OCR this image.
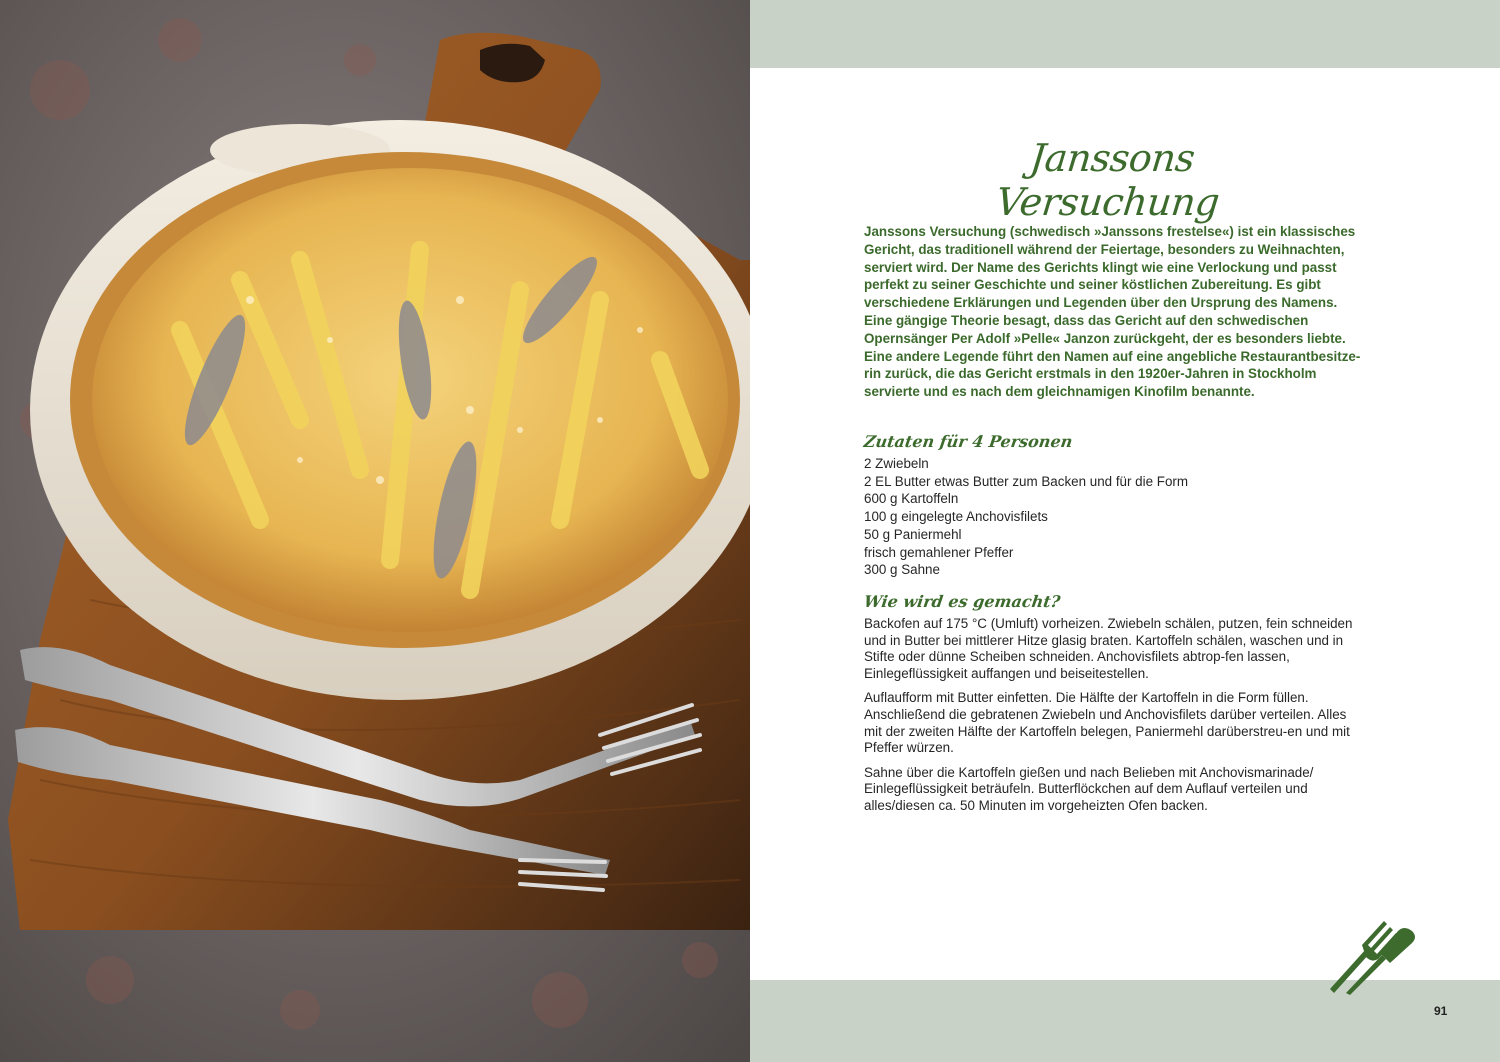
Janssons Versuchung

Janssons Versuchung (schwedisch »Janssons frestelse«) ist ein klassisches Gericht, das traditionell während der Feiertage, besonders zu Weihnachten, serviert wird. Der Name des Gerichts klingt wie eine Verlockung und passt perfekt zu seiner Geschichte und seiner köstlichen Zubereitung. Es gibt verschiedene Erklärungen und Legenden über den Ursprung des Namens. Eine gängige Theorie besagt, dass das Gericht auf den schwedischen Opernsänger Per Adolf »Pelle« Janzon zurückgeht, der es besonders liebte. Eine andere Legende führt den Namen auf eine angebliche Restaurantbesitze-rin zurück, die das Gericht erstmals in den 1920er-Jahren in Stockholm servierte und es nach dem gleichnamigen Kinofilm benannte.

Zutaten für 4 Personen
2 Zwiebeln
2 EL Butter etwas Butter zum Backen und für die Form
600 g Kartoffeln
100 g eingelegte Anchovisfilets
50 g Paniermehl
frisch gemahlener Pfeffer
300 g Sahne
Wie wird es gemacht?

Backofen auf 175 °C (Umluft) vorheizen. Zwiebeln schälen, putzen, fein schneiden und in Butter bei mittlerer Hitze glasig braten. Kartoffeln schälen, waschen und in Stifte oder dünne Scheiben schneiden. Anchovisfilets abtrop-fen lassen, Einlegeflüssigkeit auffangen und beiseitestellen.

Auflaufform mit Butter einfetten. Die Hälfte der Kartoffeln in die Form füllen. Anschließend die gebratenen Zwiebeln und Anchovisfilets darüber verteilen. Alles mit der zweiten Hälfte der Kartoffeln belegen, Paniermehl darüberstreu-en und mit Pfeffer würzen.

Sahne über die Kartoffeln gießen und nach Belieben mit Anchovismarinade/ Einlegeflüssigkeit beträufeln. Butterflöckchen auf dem Auflauf verteilen und alles/diesen ca. 50 Minuten im vorgeheizten Ofen backen.

91
